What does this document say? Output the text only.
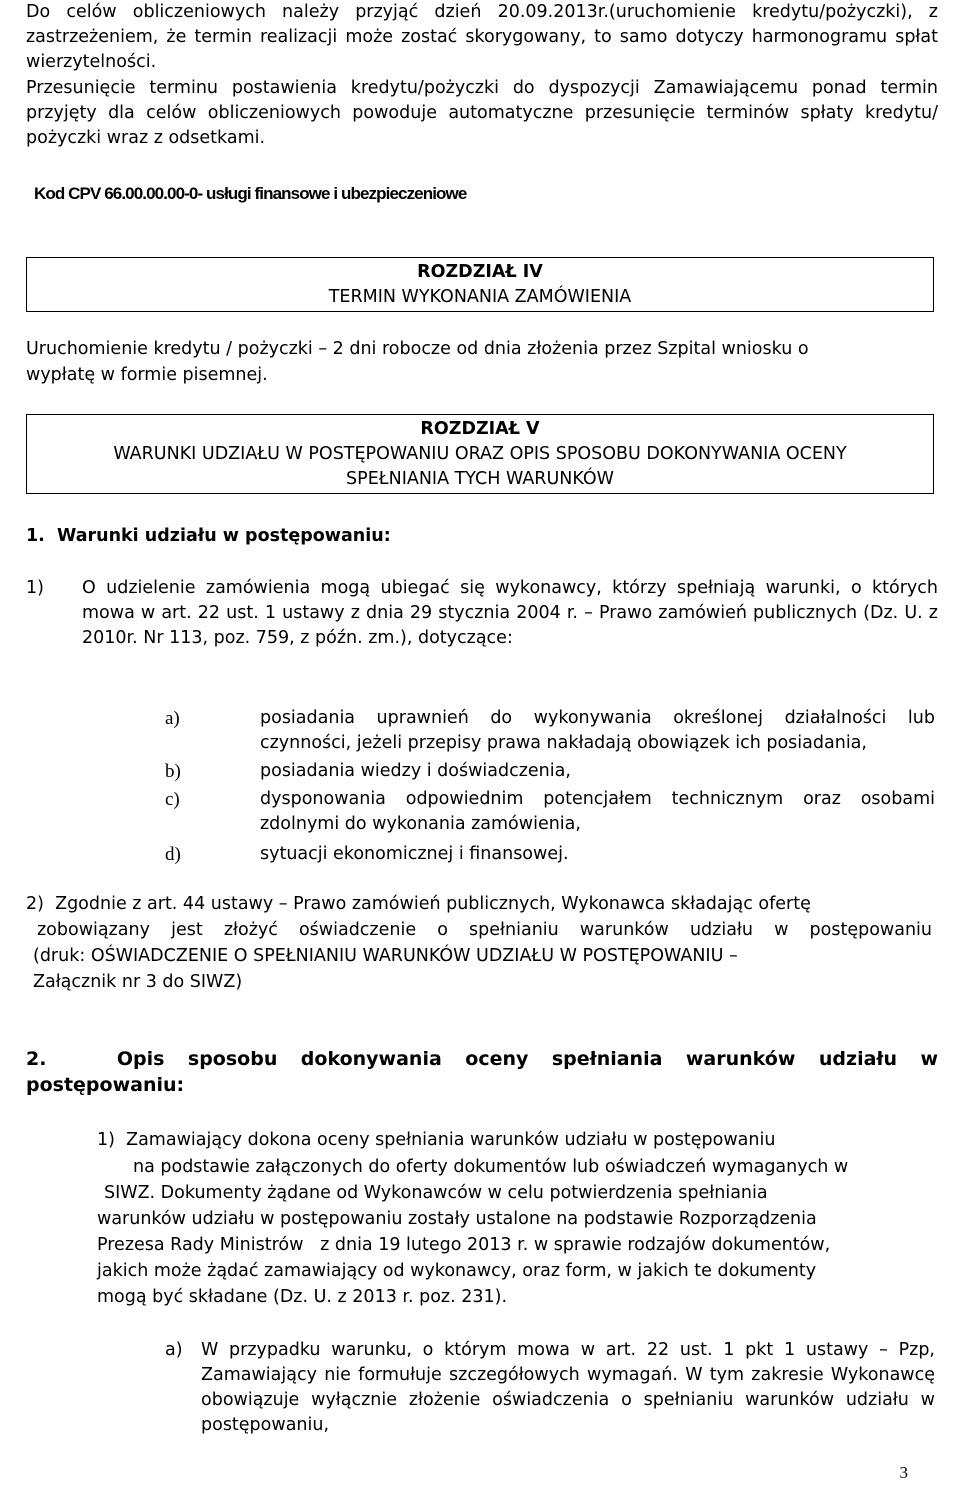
Do celów obliczeniowych należy przyjąć dzień 20.09.2013r.(uruchomienie kredytu/pożyczki), z zastrzeżeniem, że termin realizacji może zostać skorygowany, to samo dotyczy harmonogramu spłat wierzytelności.

Przesunięcie terminu postawienia kredytu/pożyczki do dyspozycji Zamawiającemu ponad termin przyjęty dla celów obliczeniowych powoduje automatyczne przesunięcie terminów spłaty kredytu/ pożyczki wraz z odsetkami.

Kod CPV 66.00.00.00-0- usługi finansowe i ubezpieczeniowe
ROZDZIAŁ IV
TERMIN WYKONANIA ZAMÓWIENIA

Uruchomienie kredytu / pożyczki – 2 dni robocze od dnia złożenia przez Szpital wniosku o

wypłatę w formie pisemnej.

ROZDZIAŁ V
WARUNKI UDZIAŁU W POSTĘPOWANIU ORAZ OPIS SPOSOBU DOKONYWANIA OCENY
SPEŁNIANIA TYCH WARUNKÓW

1.  Warunki udziału w postępowaniu:

1) O udzielenie zamówienia mogą ubiegać się wykonawcy, którzy spełniają warunki, o których mowa w art. 22 ust. 1 ustawy z dnia 29 stycznia 2004 r. – Prawo zamówień publicznych (Dz. U. z 2010r. Nr 113, poz. 759, z późn. zm.), dotyczące:

a)	posiadania uprawnień do wykonywania określonej działalności lub czynności, jeżeli przepisy prawa nakładają obowiązek ich posiadania,

b)	posiadania wiedzy i doświadczenia,

c)	dysponowania odpowiednim potencjałem technicznym oraz osobami zdolnymi do wykonania zamówienia,

d)	sytuacji ekonomicznej i finansowej.

2)  Zgodnie z art. 44 ustawy – Prawo zamówień publicznych, Wykonawca składając ofertę

zobowiązany jest złożyć oświadczenie o spełnianiu warunków udziału w postępowaniu

(druk: OŚWIADCZENIE O SPEŁNIANIU WARUNKÓW UDZIAŁU W POSTĘPOWANIU –

Załącznik nr 3 do SIWZ)

2.   Opis sposobu dokonywania oceny spełniania warunków udziału w

postępowaniu:

1)  Zamawiający dokona oceny spełniania warunków udziału w postępowaniu

na podstawie załączonych do oferty dokumentów lub oświadczeń wymaganych w

SIWZ. Dokumenty żądane od Wykonawców w celu potwierdzenia spełniania

warunków udziału w postępowaniu zostały ustalone na podstawie Rozporządzenia

Prezesa Rady Ministrów   z dnia 19 lutego 2013 r. w sprawie rodzajów dokumentów,

jakich może żądać zamawiający od wykonawcy, oraz form, w jakich te dokumenty

mogą być składane (Dz. U. z 2013 r. poz. 231).

a) W przypadku warunku, o którym mowa w art. 22 ust. 1 pkt 1 ustawy – Pzp, Zamawiający nie formułuje szczegółowych wymagań. W tym zakresie Wykonawcę obowiązuje wyłącznie złożenie oświadczenia o spełnianiu warunków udziału w postępowaniu,

3
